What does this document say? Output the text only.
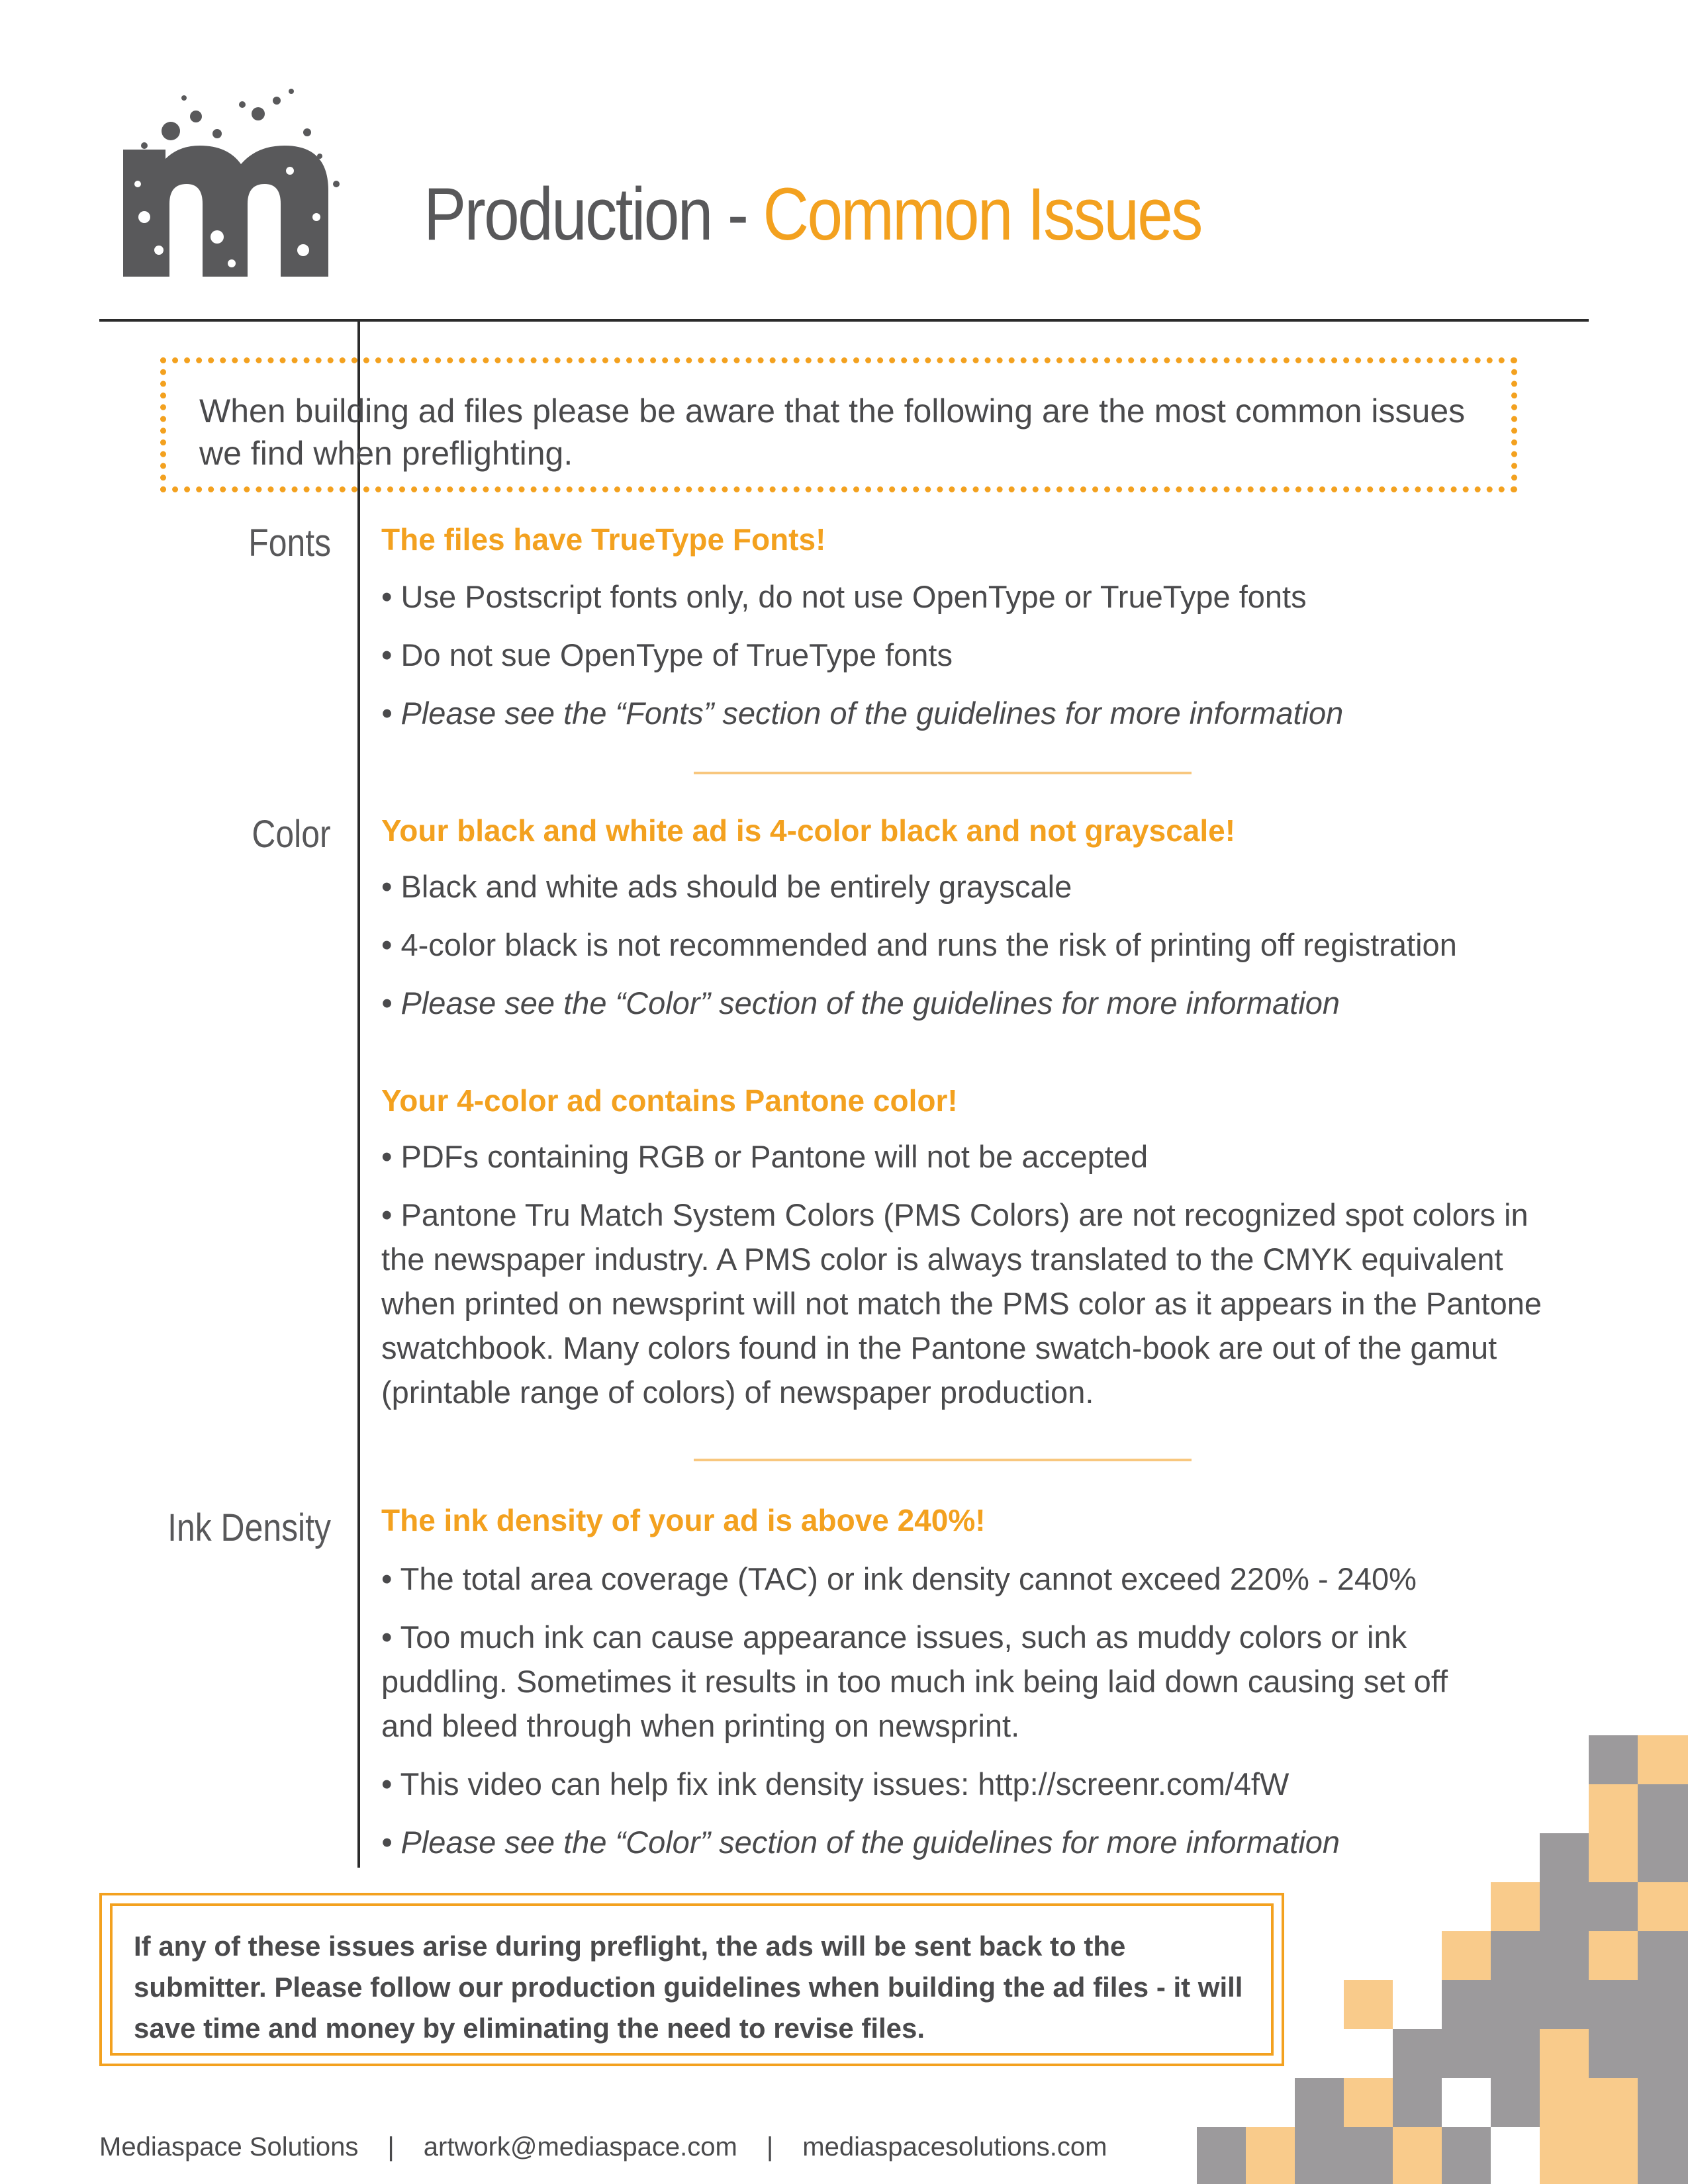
Production - Common Issues
When building ad files please be aware that the following are the most common issues we find when preflighting.
Fonts The files have TrueType Fonts!
• Use Postscript fonts only, do not use OpenType or TrueType fonts
• Do not sue OpenType of TrueType fonts
• Please see the “Fonts” section of the guidelines for more information
Color Your black and white ad is 4-color black and not grayscale!
• Black and white ads should be entirely grayscale
• 4-color black is not recommended and runs the risk of printing off registration
• Please see the “Color” section of the guidelines for more information
Your 4-color ad contains Pantone color!
• PDFs containing RGB or Pantone will not be accepted
• Pantone Tru Match System Colors (PMS Colors) are not recognized spot colors in the newspaper industry. A PMS color is always translated to the CMYK equivalent when printed on newsprint will not match the PMS color as it appears in the Pantone swatchbook. Many colors found in the Pantone swatch-book are out of the gamut (printable range of colors) of newspaper production.
Ink Density The ink density of your ad is above 240%!
• The total area coverage (TAC) or ink density cannot exceed 220% - 240%
• Too much ink can cause appearance issues, such as muddy colors or ink puddling. Sometimes it results in too much ink being laid down causing set off and bleed through when printing on newsprint.
• This video can help fix ink density issues: http://screenr.com/4fW
• Please see the “Color” section of the guidelines for more information
If any of these issues arise during preflight, the ads will be sent back to the submitter. Please follow our production guidelines when building the ad files - it will save time and money by eliminating the need to revise files.
Mediaspace Solutions | artwork@mediaspace.com | mediaspacesolutions.com
